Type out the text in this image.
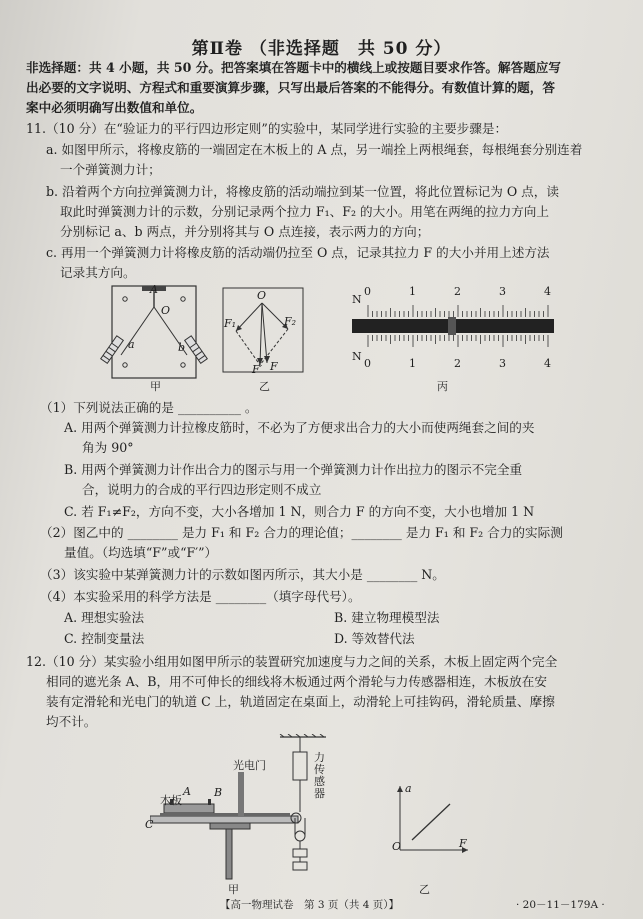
第Ⅱ卷 （非选择题　共 50 分）
非选择题：共 4 小题，共 50 分。把答案填在答题卡中的横线上或按题目要求作答。解答题应写
出必要的文字说明、方程式和重要演算步骤，只写出最后答案的不能得分。有数值计算的题，答
案中必须明确写出数值和单位。
11.（10 分）在“验证力的平行四边形定则”的实验中，某同学进行实验的主要步骤是：
a. 如图甲所示，将橡皮筋的一端固定在木板上的 A 点，另一端拴上两根绳套，每根绳套分别连着
一个弹簧测力计；
b. 沿着两个方向拉弹簧测力计，将橡皮筋的活动端拉到某一位置，将此位置标记为 O 点，读
取此时弹簧测力计的示数，分别记录两个拉力 F₁、F₂ 的大小。用笔在两绳的拉力方向上
分别标记 a、b 两点，并分别将其与 O 点连接，表示两力的方向；
c. 再用一个弹簧测力计将橡皮筋的活动端仍拉至 O 点，记录其拉力 F 的大小并用上述方法
记录其方向。
A
O
a	b
甲
O
F₁	F₂
F′ F
乙
N
N
0	1	2	3	4
0	1	2	3	4
丙
（1）下列说法正确的是 __________ 。
A. 用两个弹簧测力计拉橡皮筋时，不必为了方便求出合力的大小而使两绳套之间的夹
角为 90°
B. 用两个弹簧测力计作出合力的图示与用一个弹簧测力计作出拉力的图示不完全重
合，说明力的合成的平行四边形定则不成立
C. 若 F₁≠F₂，方向不变，大小各增加 1 N，则合力 F 的方向不变，大小也增加 1 N
（2）图乙中的 ________ 是力 F₁ 和 F₂ 合力的理论值；________ 是力 F₁ 和 F₂ 合力的实际测
量值。（均选填“F”或“F′”）
（3）该实验中某弹簧测力计的示数如图丙所示，其大小是 ________ N。
（4）本实验采用的科学方法是 ________（填字母代号）。
A. 理想实验法	B. 建立物理模型法
C. 控制变量法	D. 等效替代法
12.（10 分）某实验小组用如图甲所示的装置研究加速度与力之间的关系，木板上固定两个完全
相同的遮光条 A、B，用不可伸长的细线将木板通过两个滑轮与力传感器相连，木板放在安
装有定滑轮和光电门的轨道 C 上，轨道固定在桌面上，动滑轮上可挂钩码，滑轮质量、摩擦
均不计。
光电门
力传感器
木板
A B
C
甲
a
F
O
乙
【高一物理试卷　第 3 页（共 4 页）】	· 20－11－179A ·
